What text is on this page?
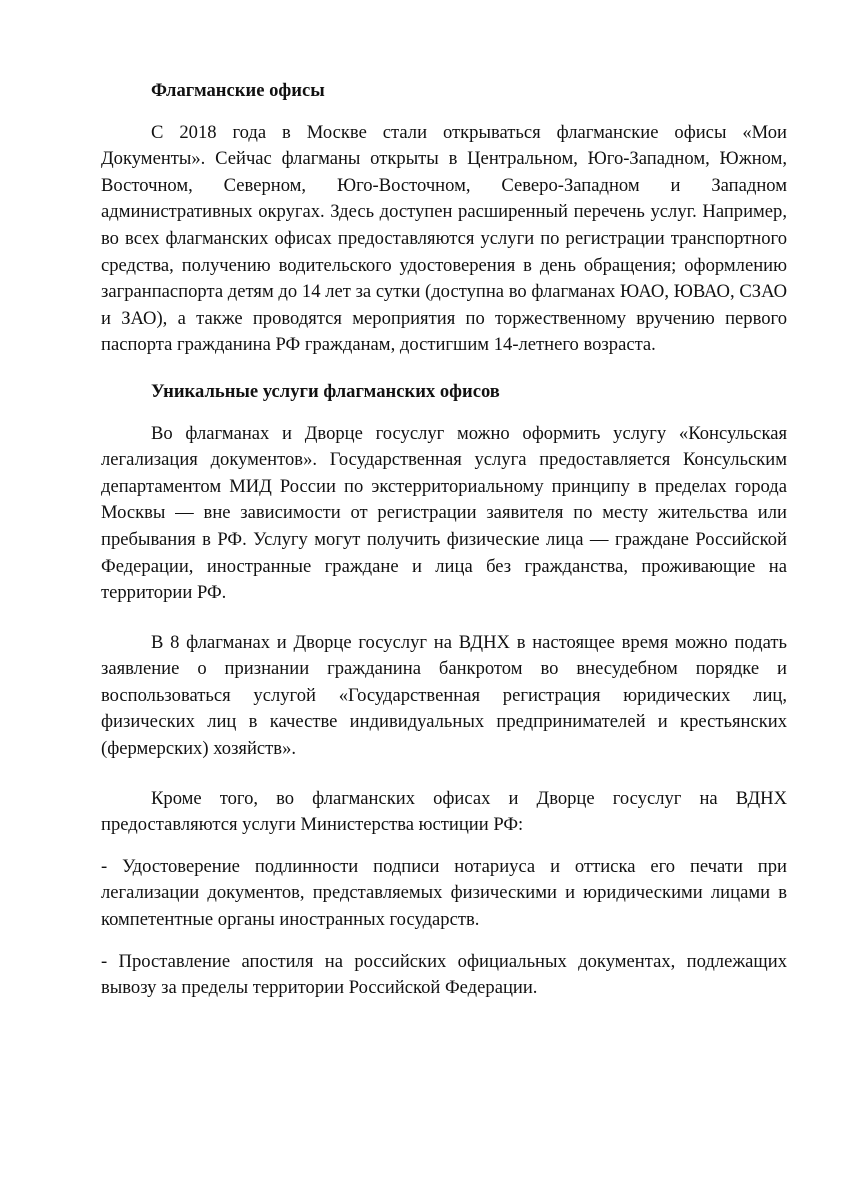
Флагманские офисы

С 2018 года в Москве стали открываться флагманские офисы «Мои Документы». Сейчас флагманы открыты в Центральном, Юго-Западном, Южном, Восточном, Северном, Юго-Восточном, Северо-Западном и Западном административных округах. Здесь доступен расширенный перечень услуг. Например, во всех флагманских офисах предоставляются услуги по регистрации транспортного средства, получению водительского удостоверения в день обращения; оформлению загранпаспорта детям до 14 лет за сутки (доступна во флагманах ЮАО, ЮВАО, СЗАО и ЗАО), а также проводятся мероприятия по торжественному вручению первого паспорта гражданина РФ гражданам, достигшим 14-летнего возраста.

Уникальные услуги флагманских офисов

Во флагманах и Дворце госуслуг можно оформить услугу «Консульская легализация документов». Государственная услуга предоставляется Консульским департаментом МИД России по экстерриториальному принципу в пределах города Москвы — вне зависимости от регистрации заявителя по месту жительства или пребывания в РФ. Услугу могут получить физические лица — граждане Российской Федерации, иностранные граждане и лица без гражданства, проживающие на территории РФ.

В 8 флагманах и Дворце госуслуг на ВДНХ в настоящее время можно подать заявление о признании гражданина банкротом во внесудебном порядке и воспользоваться услугой «Государственная регистрация юридических лиц, физических лиц в качестве индивидуальных предпринимателей и крестьянских (фермерских) хозяйств».

Кроме того, во флагманских офисах и Дворце госуслуг на ВДНХ предоставляются услуги Министерства юстиции РФ:

- Удостоверение подлинности подписи нотариуса и оттиска его печати при легализации документов, представляемых физическими и юридическими лицами в компетентные органы иностранных государств.

- Проставление апостиля на российских официальных документах, подлежащих вывозу за пределы территории Российской Федерации.
